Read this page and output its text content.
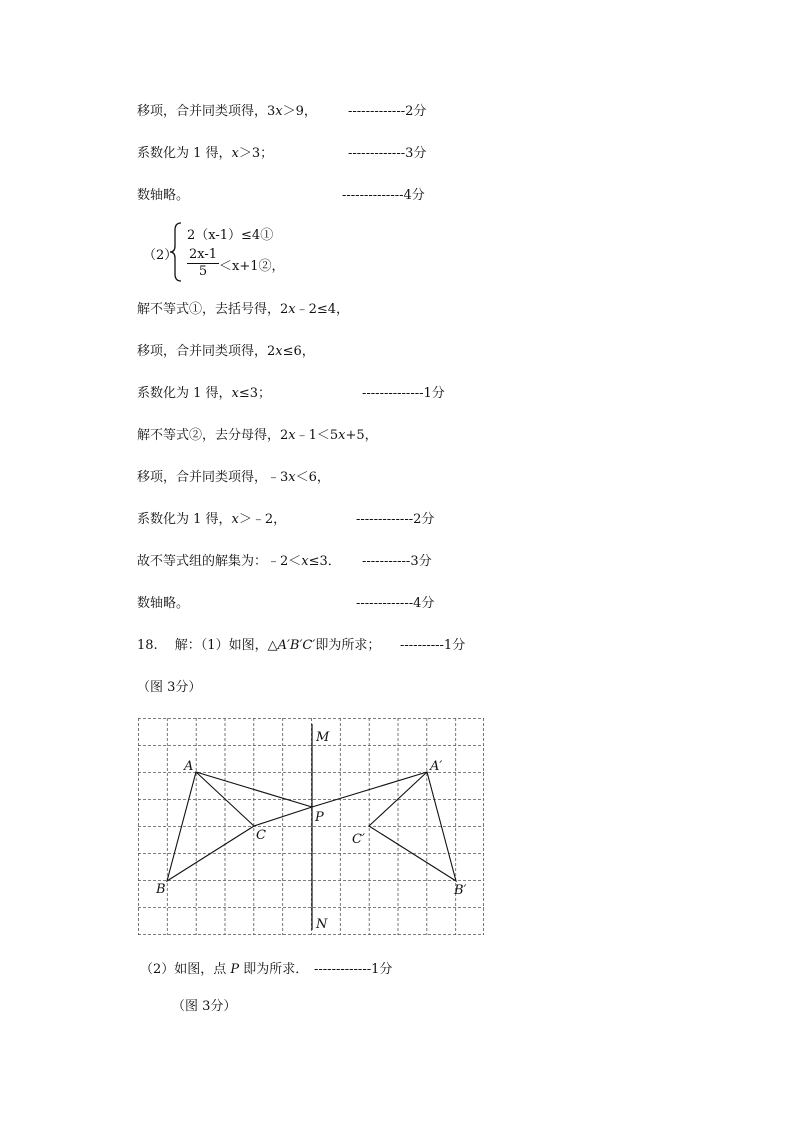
移项，合并同类项得，3x＞9， -------------2分
系数化为 1 得，x＞3；	-------------3分
数轴略。	--------------4分
（2）
2（x-1）≤4①
$\frac{2x-1}{5}$ ＜x+1②，
解不等式①，去括号得，2x﹣2≤4，
移项，合并同类项得，2x≤6，
系数化为 1 得，x≤3；	--------------1分
解不等式②，去分母得，2x﹣1＜5x+5，
移项，合并同类项得，﹣3x＜6，
系数化为 1 得，x＞﹣2，	-------------2分
故不等式组的解集为：﹣2＜x≤3． -----------3分
数轴略。	-------------4分
18.　 解：（1）如图，△A′B′C′即为所求； ----------1分
（图 3分）
M
A	A′
P
C	C′
B	B′
N
（2）如图，点 P 即为所求． -------------1分
（图 3分）
